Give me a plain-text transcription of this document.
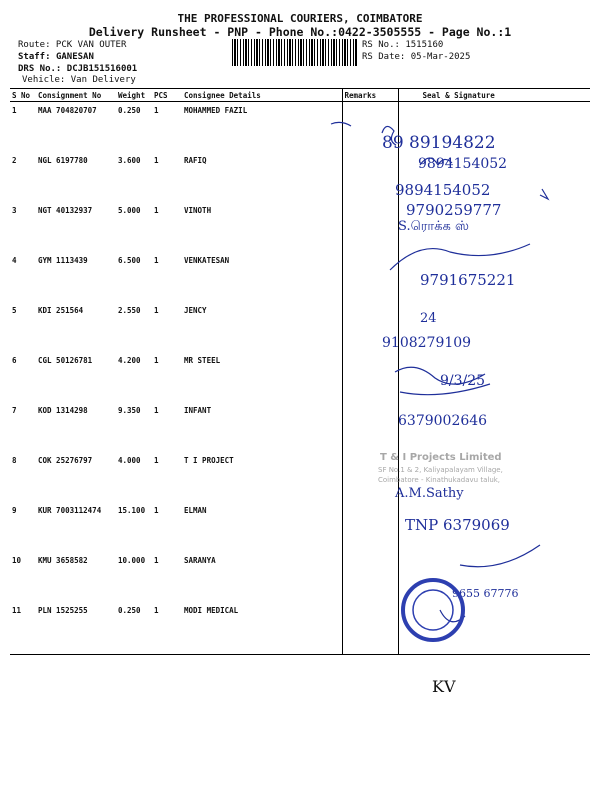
THE PROFESSIONAL COURIERS, COIMBATORE
Delivery Runsheet - PNP - Phone No.:0422-3505555 - Page No.:1
Route: PCK VAN OUTER
Staff: GANESAN
DRS No.: DCJB151516001
Vehicle: Van Delivery
RS No.: 1515160
RS Date: 05-Mar-2025
S No	Consignment No	Weight	PCS	Consignee Details	Remarks	Seal & Signature
1	MAA 704820707	0.250	1	MOHAMMED FAZIL		
2	NGL 6197780	3.600	1	RAFIQ		
3	NGT 40132937	5.000	1	VINOTH		
4	GYM 1113439	6.500	1	VENKATESAN		
5	KDI 251564	2.550	1	JENCY		
6	CGL 50126781	4.200	1	MR STEEL		
7	KOD 1314298	9.350	1	INFANT		
8	COK 25276797	4.000	1	T I PROJECT		
9	KUR 7003112474	15.100	1	ELMAN		
10	KMU 3658582	10.000	1	SARANYA		
11	PLN 1525255	0.250	1	MODI MEDICAL		
89 89194822
9894154052
9894154052
9790259777
S.ரொக்க ஸ்
9791675221
24
9108279109
9/3/25
6379002646
A.M.Sathy
TNP 6379069
9655 67776
KV
T & I Projects Limited
SF No.1 & 2, Kaliyapalayam Village,
Coimbatore - Kinathukadavu taluk,
